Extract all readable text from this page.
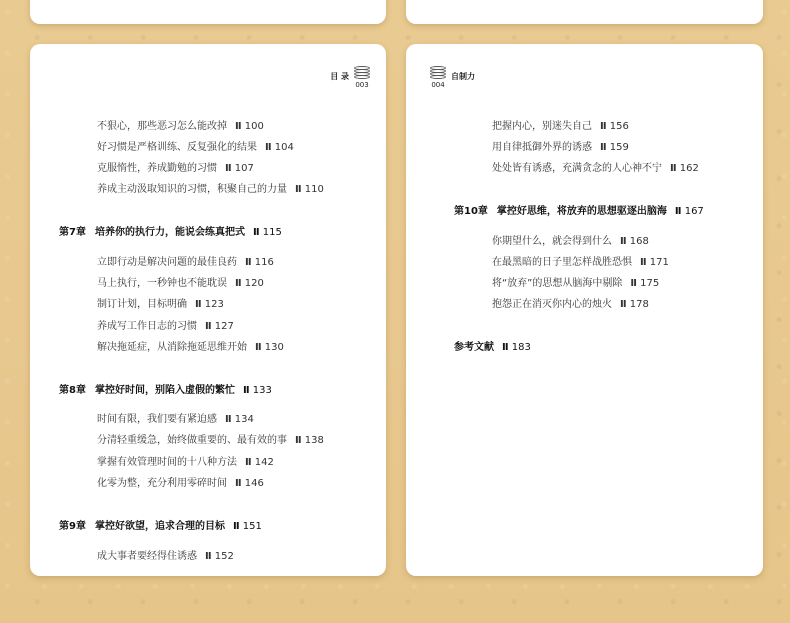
目 录
003
不狠心，那些恶习怎么能改掉 Ⅱ 100
好习惯是严格训练、反复强化的结果 Ⅱ 104
克服惰性，养成勤勉的习惯 Ⅱ 107
养成主动汲取知识的习惯，积聚自己的力量 Ⅱ 110
第7章 培养你的执行力，能说会练真把式 Ⅱ 115
立即行动是解决问题的最佳良药 Ⅱ 116
马上执行，一秒钟也不能耽误 Ⅱ 120
制订计划，目标明确 Ⅱ 123
养成写工作日志的习惯 Ⅱ 127
解决拖延症，从消除拖延思维开始 Ⅱ 130
第8章 掌控好时间，别陷入虚假的繁忙 Ⅱ 133
时间有限，我们要有紧迫感 Ⅱ 134
分清轻重缓急，始终做重要的、最有效的事 Ⅱ 138
掌握有效管理时间的十八种方法 Ⅱ 142
化零为整，充分利用零碎时间 Ⅱ 146
第9章 掌控好欲望，追求合理的目标 Ⅱ 151
成大事者要经得住诱惑 Ⅱ 152
004
自制力
把握内心，别迷失自己 Ⅱ 156
用自律抵御外界的诱惑 Ⅱ 159
处处皆有诱惑，充满贪念的人心神不宁 Ⅱ 162
第10章 掌控好思维，将放弃的思想驱逐出脑海 Ⅱ 167
你期望什么，就会得到什么 Ⅱ 168
在最黑暗的日子里怎样战胜恐惧 Ⅱ 171
将“放弃”的思想从脑海中剔除 Ⅱ 175
抱怨正在消灭你内心的烛火 Ⅱ 178
参考文献 Ⅱ 183
